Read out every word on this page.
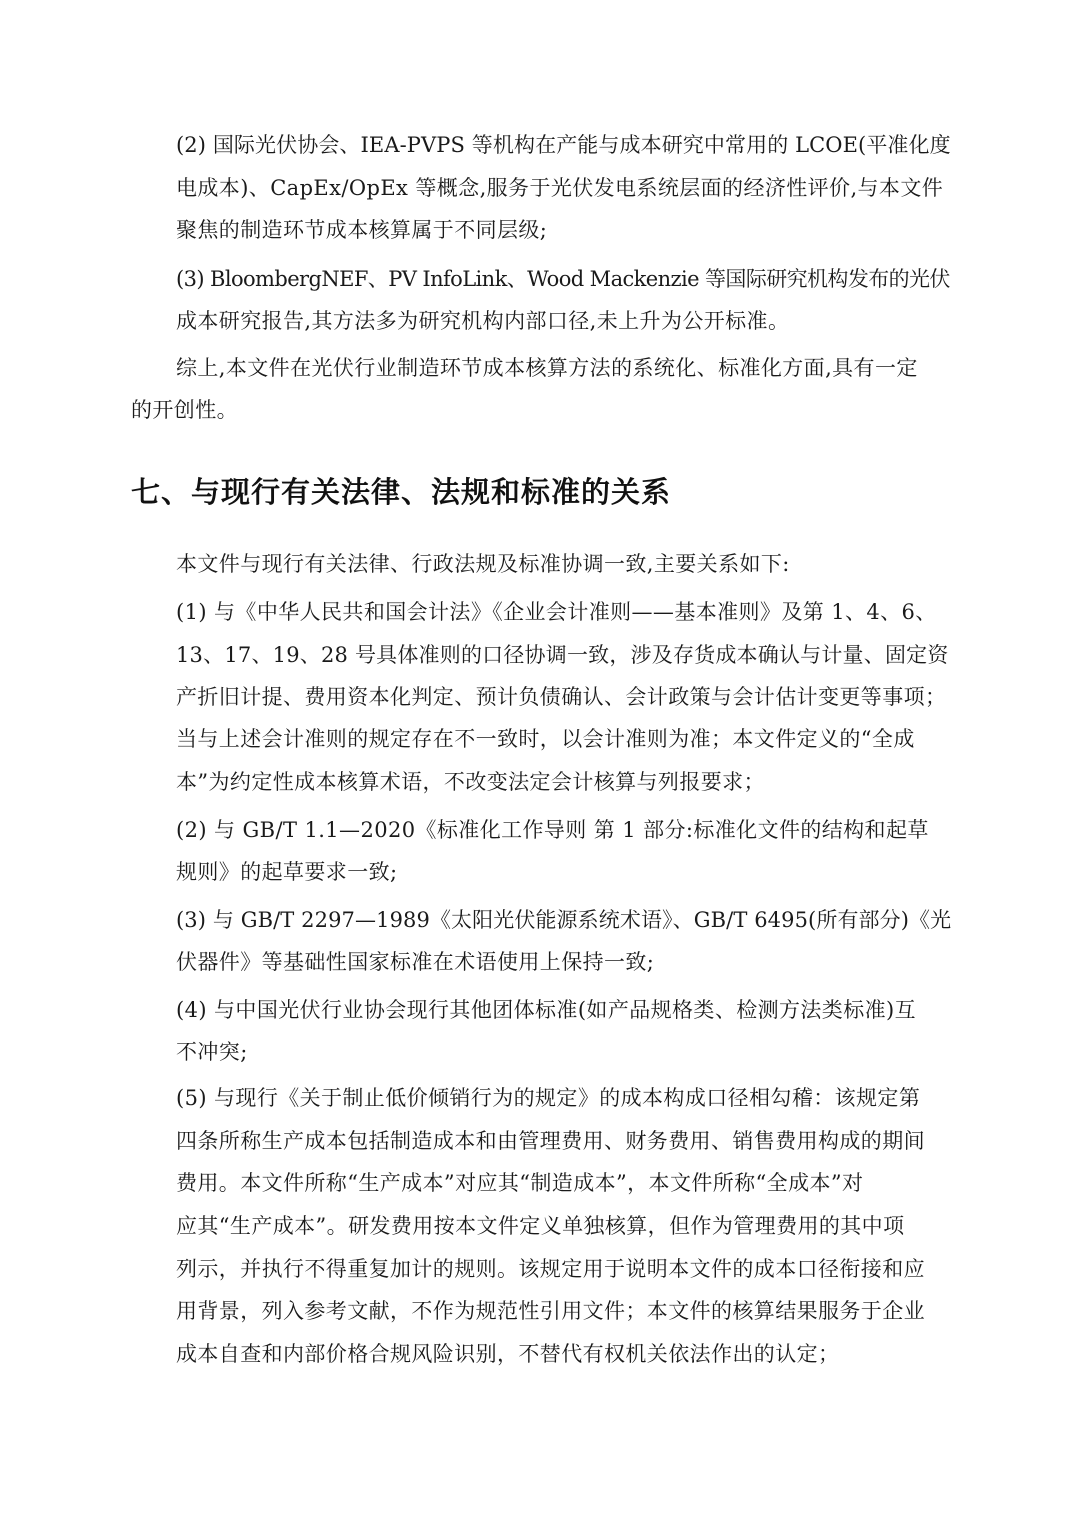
(2) 国际光伏协会、IEA-PVPS 等机构在产能与成本研究中常用的 LCOE(平准化度
电成本)、CapEx/OpEx 等概念,服务于光伏发电系统层面的经济性评价,与本文件
聚焦的制造环节成本核算属于不同层级;
(3) BloombergNEF、PV InfoLink、Wood Mackenzie 等国际研究机构发布的光伏
成本研究报告,其方法多为研究机构内部口径,未上升为公开标准。
综上,本文件在光伏行业制造环节成本核算方法的系统化、标准化方面,具有一定
的开创性。
七、与现行有关法律、法规和标准的关系
本文件与现行有关法律、行政法规及标准协调一致,主要关系如下:
(1) 与《中华人民共和国会计法》《企业会计准则——基本准则》及第 1、4、6、
13、17、19、28 号具体准则的口径协调一致，涉及存货成本确认与计量、固定资
产折旧计提、费用资本化判定、预计负债确认、会计政策与会计估计变更等事项；
当与上述会计准则的规定存在不一致时，以会计准则为准；本文件定义的“全成
本”为约定性成本核算术语，不改变法定会计核算与列报要求；
(2) 与 GB/T 1.1—2020《标准化工作导则 第 1 部分:标准化文件的结构和起草
规则》的起草要求一致;
(3) 与 GB/T 2297—1989《太阳光伏能源系统术语》、GB/T 6495(所有部分)《光
伏器件》等基础性国家标准在术语使用上保持一致;
(4) 与中国光伏行业协会现行其他团体标准(如产品规格类、检测方法类标准)互
不冲突;
(5) 与现行《关于制止低价倾销行为的规定》的成本构成口径相勾稽：该规定第
四条所称生产成本包括制造成本和由管理费用、财务费用、销售费用构成的期间
费用。本文件所称“生产成本”对应其“制造成本”，本文件所称“全成本”对
应其“生产成本”。研发费用按本文件定义单独核算，但作为管理费用的其中项
列示，并执行不得重复加计的规则。该规定用于说明本文件的成本口径衔接和应
用背景，列入参考文献，不作为规范性引用文件；本文件的核算结果服务于企业
成本自查和内部价格合规风险识别，不替代有权机关依法作出的认定；
